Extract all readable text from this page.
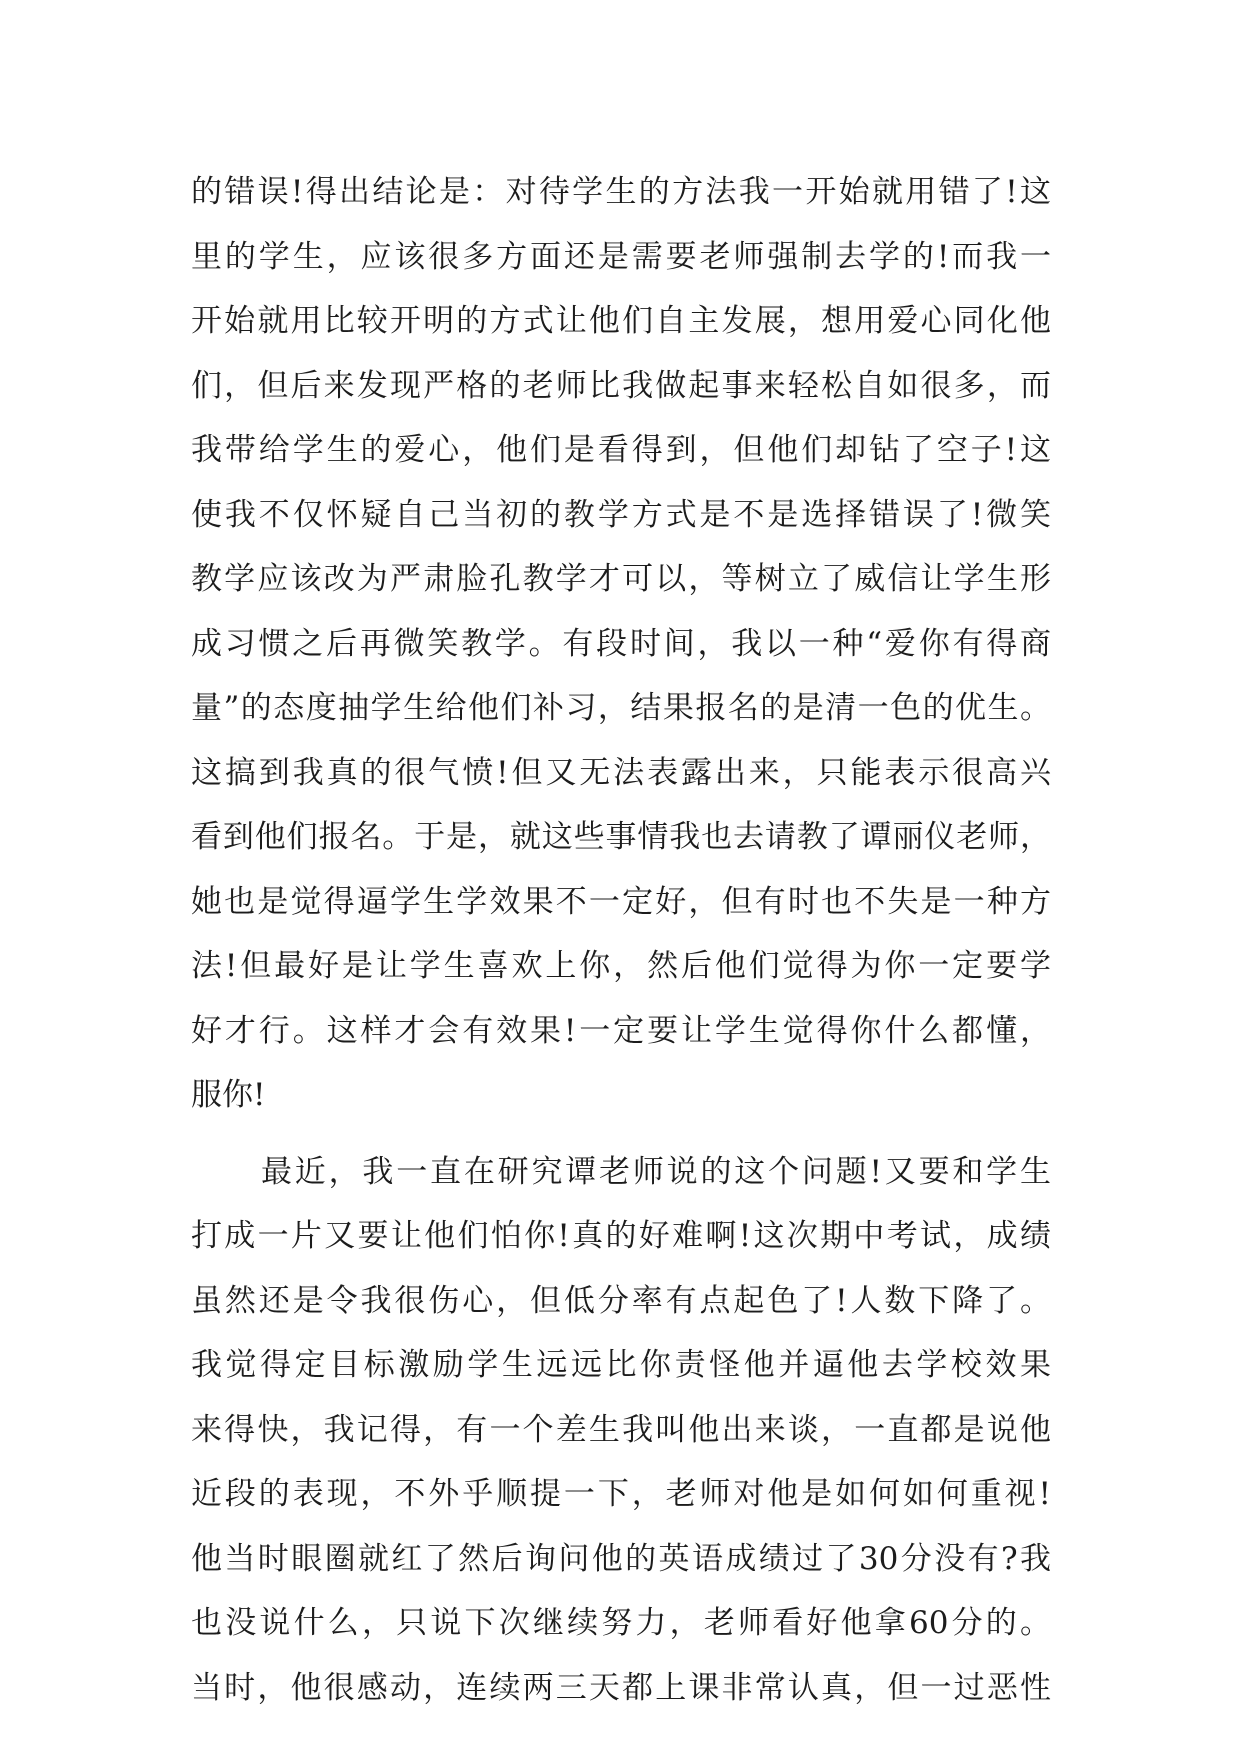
的错误!得出结论是：对待学生的方法我一开始就用错了!这
里的学生，应该很多方面还是需要老师强制去学的!而我一
开始就用比较开明的方式让他们自主发展，想用爱心同化他
们，但后来发现严格的老师比我做起事来轻松自如很多，而
我带给学生的爱心，他们是看得到，但他们却钻了空子!这
使我不仅怀疑自己当初的教学方式是不是选择错误了!微笑
教学应该改为严肃脸孔教学才可以，等树立了威信让学生形
成习惯之后再微笑教学。有段时间，我以一种“爱你有得商
量”的态度抽学生给他们补习，结果报名的是清一色的优生。
这搞到我真的很气愤!但又无法表露出来，只能表示很高兴
看到他们报名。于是，就这些事情我也去请教了谭丽仪老师，
她也是觉得逼学生学效果不一定好，但有时也不失是一种方
法!但最好是让学生喜欢上你，然后他们觉得为你一定要学
好才行。这样才会有效果!一定要让学生觉得你什么都懂，
服你!
最近，我一直在研究谭老师说的这个问题!又要和学生
打成一片又要让他们怕你!真的好难啊!这次期中考试，成绩
虽然还是令我很伤心，但低分率有点起色了!人数下降了。
我觉得定目标激励学生远远比你责怪他并逼他去学校效果
来得快，我记得，有一个差生我叫他出来谈，一直都是说他
近段的表现，不外乎顺提一下，老师对他是如何如何重视!
他当时眼圈就红了然后询问他的英语成绩过了30分没有?我
也没说什么，只说下次继续努力，老师看好他拿60分的。
当时，他很感动，连续两三天都上课非常认真，但一过恶性
